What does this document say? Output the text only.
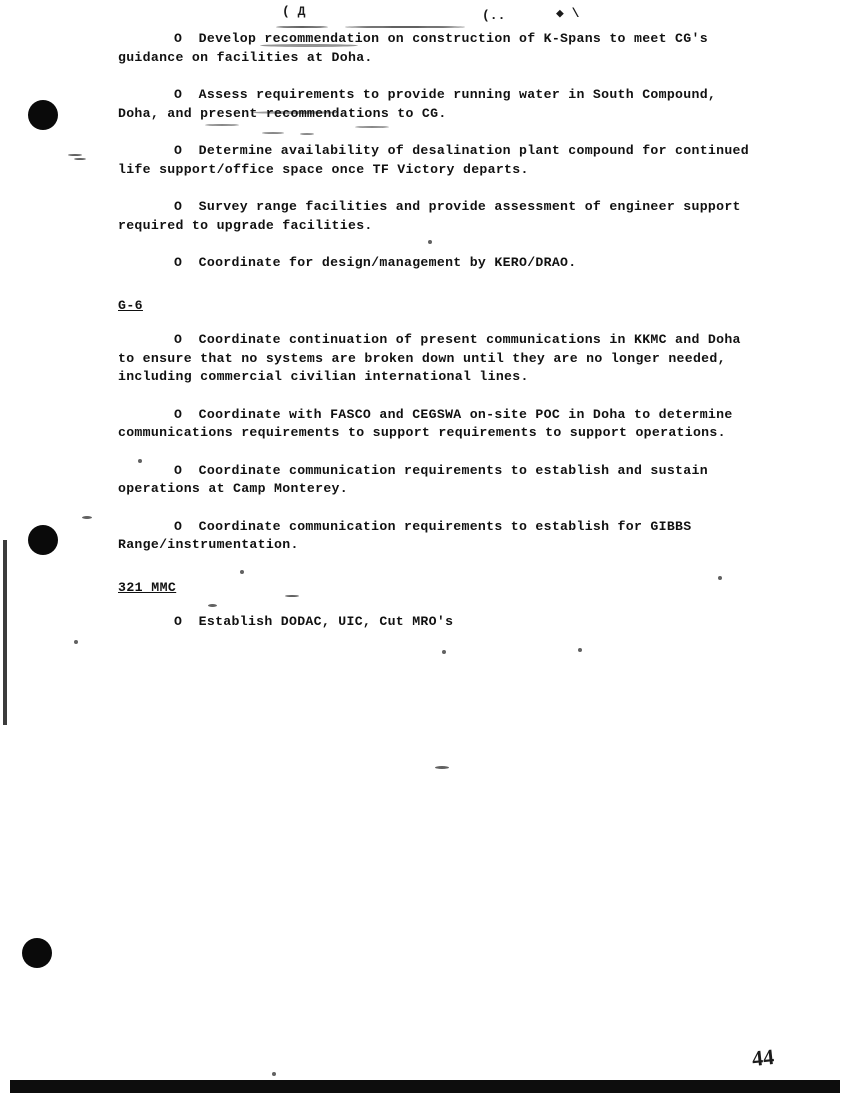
( Д	(..	◆ \

O Develop recommendation on construction of K-Spans to meet CG's guidance on facilities at Doha.

O Assess requirements to provide running water in South Compound, Doha, and present recommendations to CG.

O Determine availability of desalination plant compound for continued life support/office space once TF Victory departs.

O Survey range facilities and provide assessment of engineer support required to upgrade facilities.

O Coordinate for design/management by KERO/DRAO.

G-6

O Coordinate continuation of present communications in KKMC and Doha to ensure that no systems are broken down until they are no longer needed, including commercial civilian international lines.

O Coordinate with FASCO and CEGSWA on-site POC in Doha to determine communications requirements to support requirements to support operations.

O Coordinate communication requirements to establish and sustain operations at Camp Monterey.

O Coordinate communication requirements to establish for GIBBS Range/instrumentation.

321 MMC

O Establish DODAC, UIC, Cut MRO's

44
